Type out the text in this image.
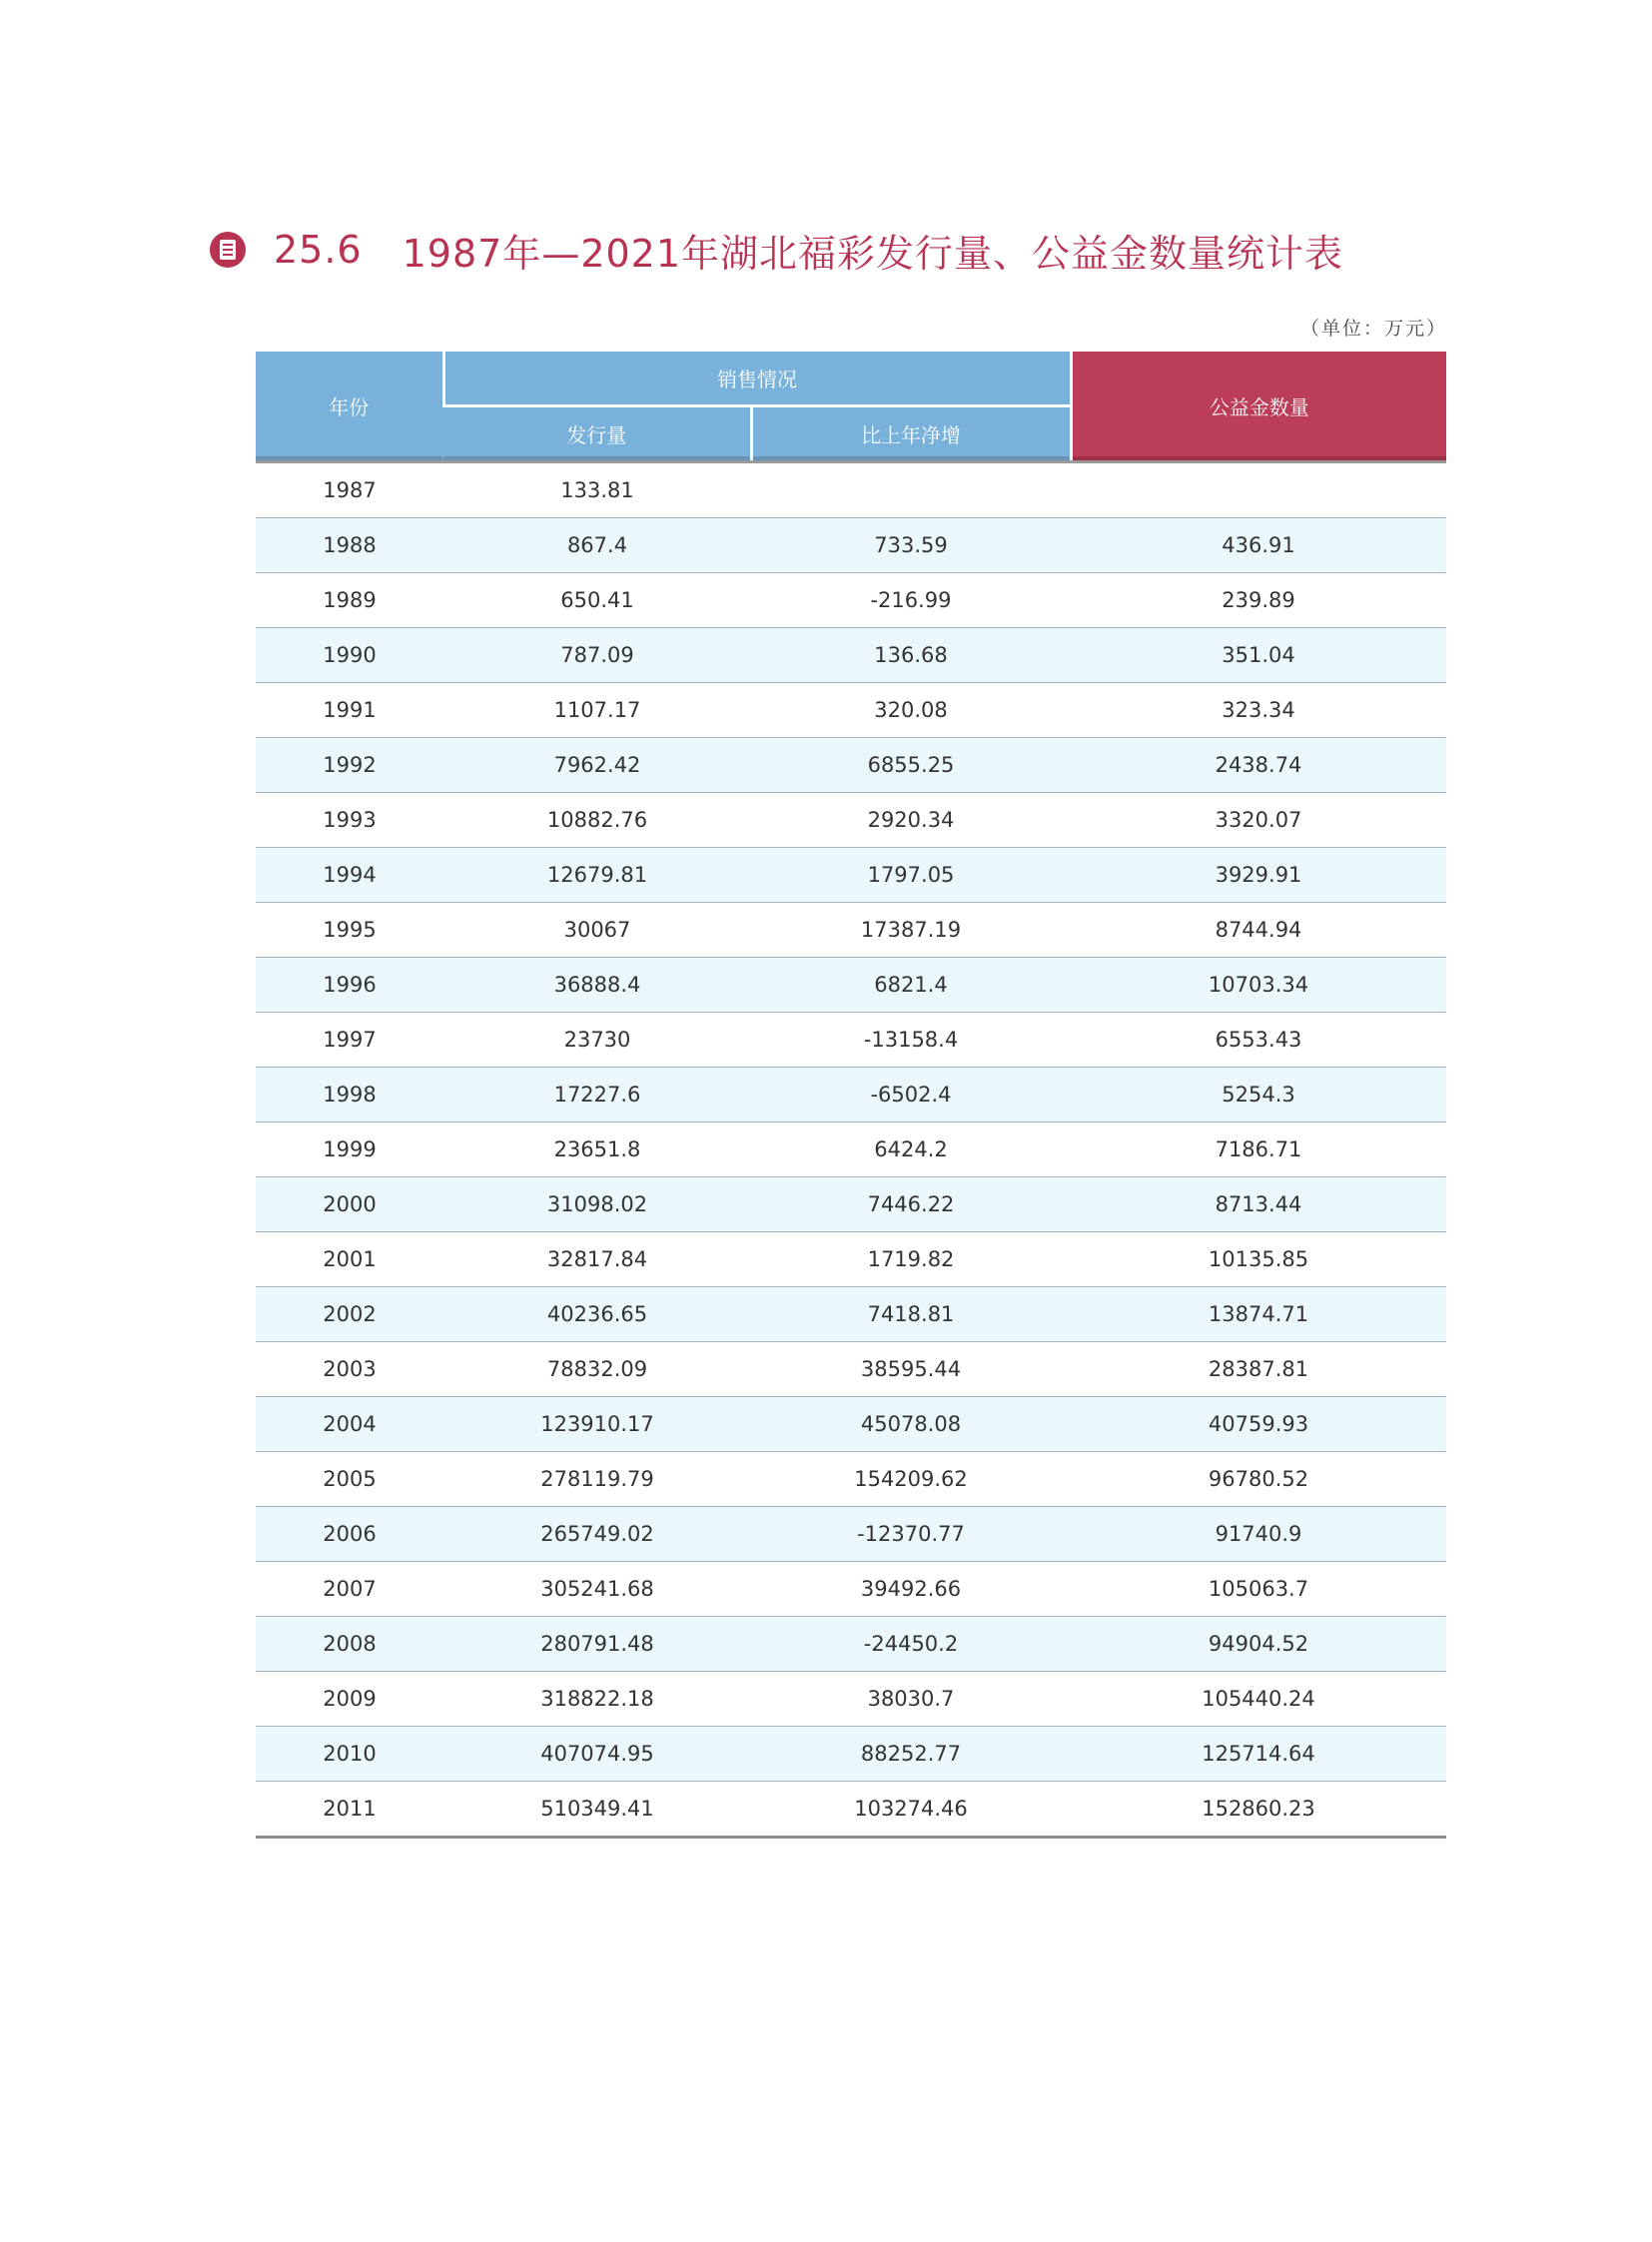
25.6 1987年—2021年湖北福彩发行量、公益金数量统计表
（单位：万元）
年份	销售情况		公益金数量
	发行量	比上年净增	
1987	133.81		
1988	867.4	733.59	436.91
1989	650.41	-216.99	239.89
1990	787.09	136.68	351.04
1991	1107.17	320.08	323.34
1992	7962.42	6855.25	2438.74
1993	10882.76	2920.34	3320.07
1994	12679.81	1797.05	3929.91
1995	30067	17387.19	8744.94
1996	36888.4	6821.4	10703.34
1997	23730	-13158.4	6553.43
1998	17227.6	-6502.4	5254.3
1999	23651.8	6424.2	7186.71
2000	31098.02	7446.22	8713.44
2001	32817.84	1719.82	10135.85
2002	40236.65	7418.81	13874.71
2003	78832.09	38595.44	28387.81
2004	123910.17	45078.08	40759.93
2005	278119.79	154209.62	96780.52
2006	265749.02	-12370.77	91740.9
2007	305241.68	39492.66	105063.7
2008	280791.48	-24450.2	94904.52
2009	318822.18	38030.7	105440.24
2010	407074.95	88252.77	125714.64
2011	510349.41	103274.46	152860.23
